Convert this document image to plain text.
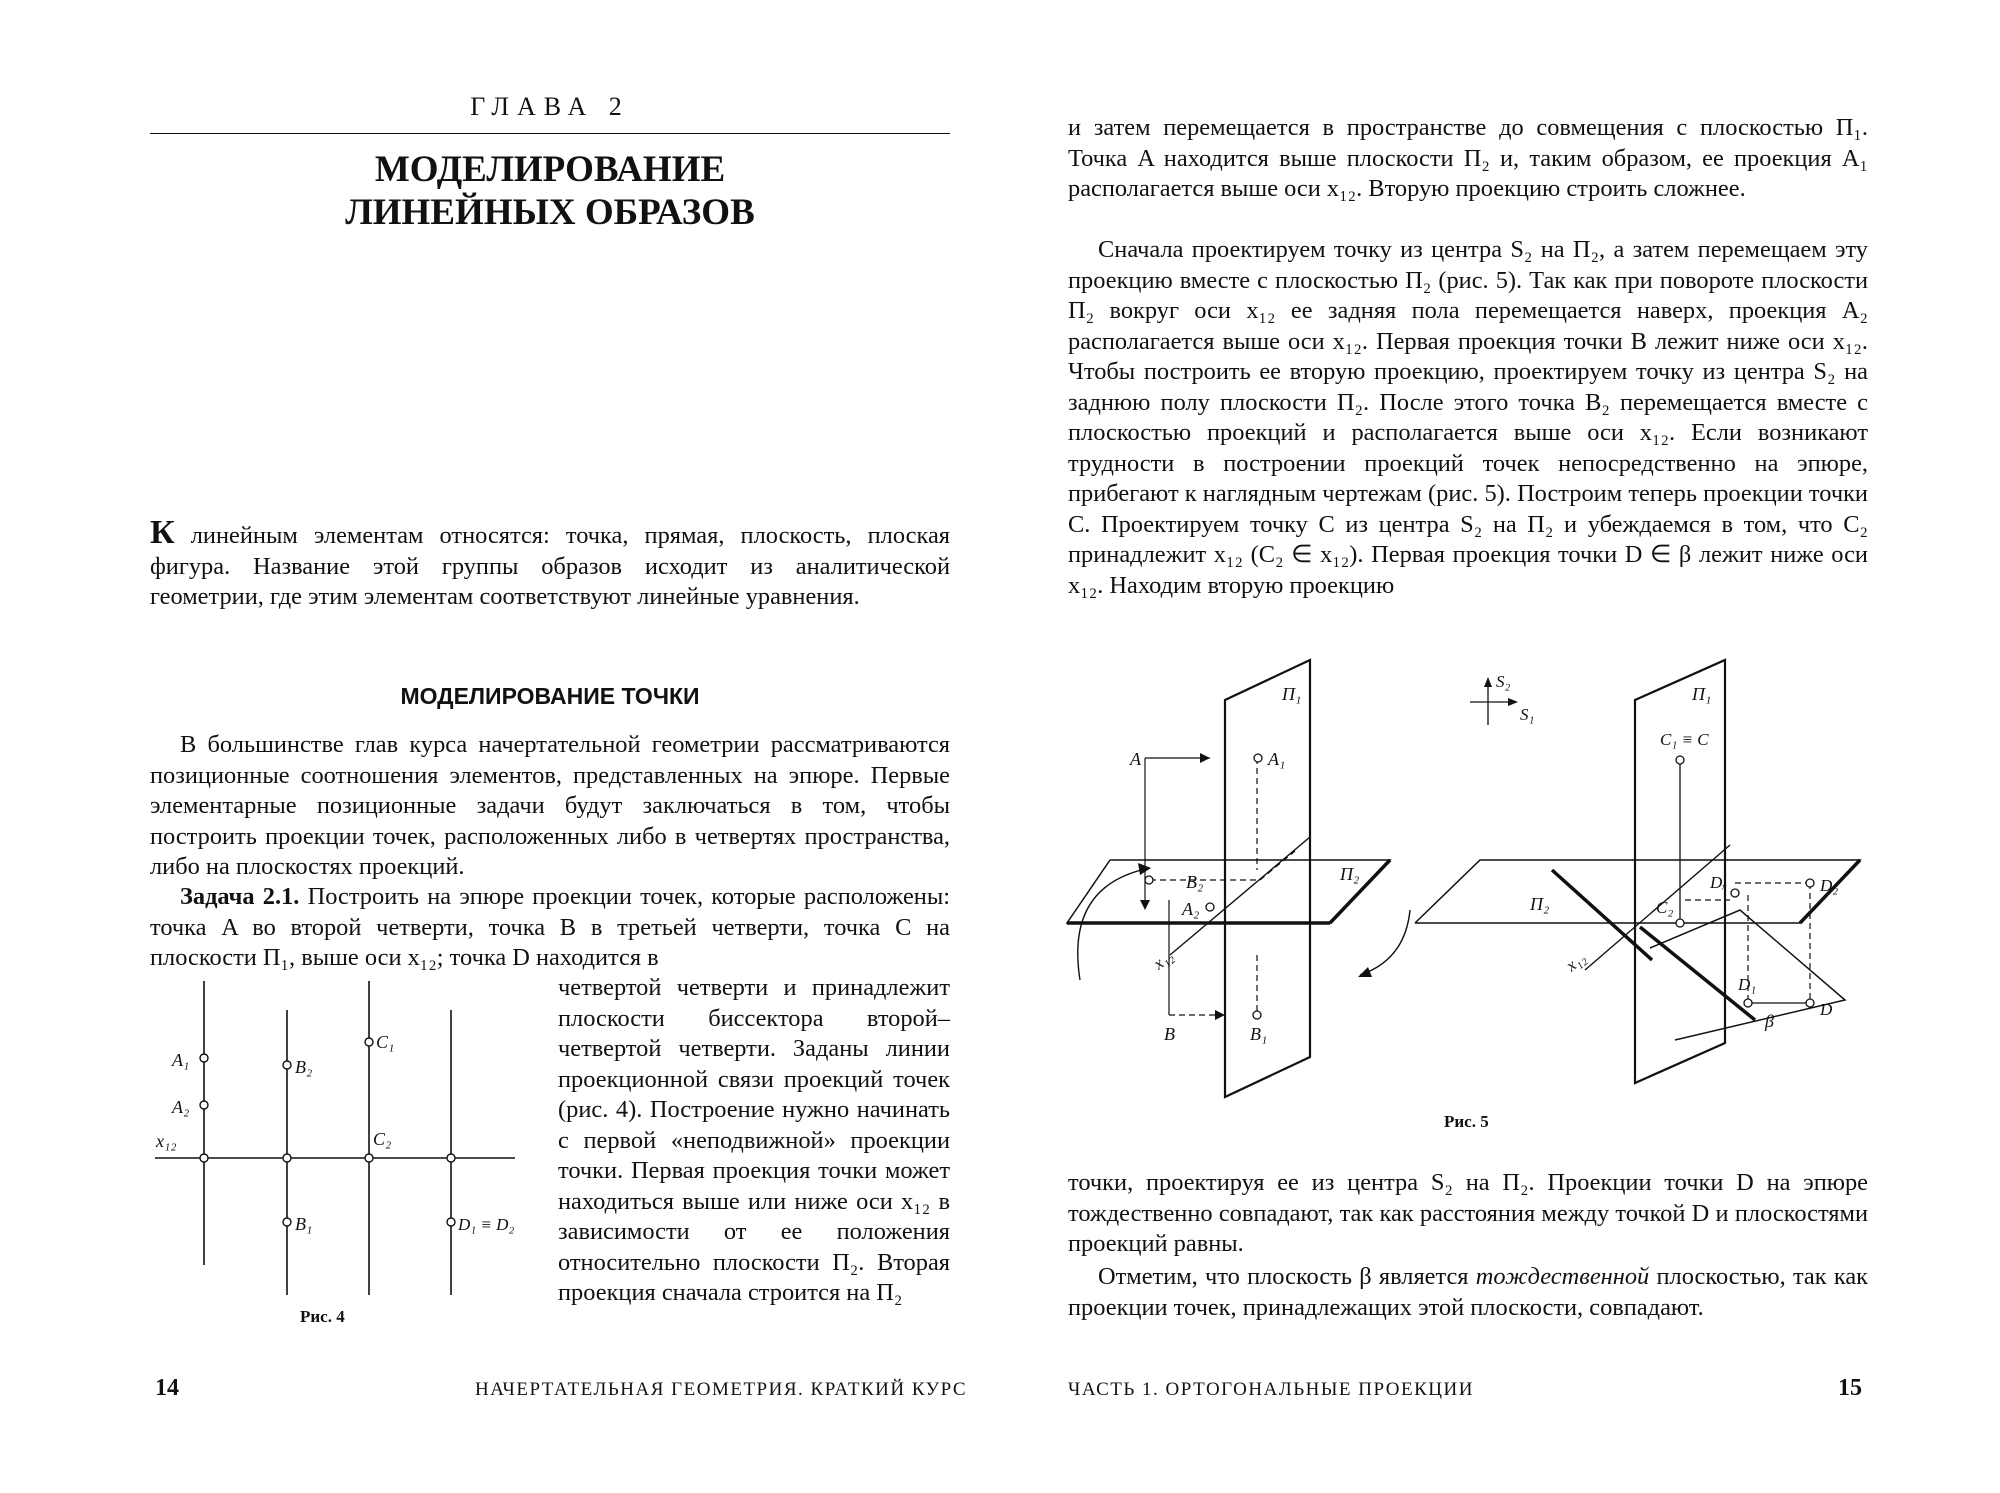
ГЛАВА 2
МОДЕЛИРОВАНИЕ
ЛИНЕЙНЫХ ОБРАЗОВ

К линейным элементам относятся: точка, прямая, плоскость, плоская фигура. Название этой группы образов исходит из аналитической геометрии, где этим элементам соответствуют линейные уравнения.

МОДЕЛИРОВАНИЕ ТОЧКИ

В большинстве глав курса начертательной геометрии рассматриваются позиционные соотношения элементов, представленных на эпюре. Первые элементарные позиционные задачи будут заключаться в том, чтобы построить проекции точек, расположенных либо в четвертях пространства, либо на плоскостях проекций.

Задача 2.1. Построить на эпюре проекции точек, которые расположены: точка A во второй четверти, точка B в третьей четверти, точка C на плоскости П₁, выше оси x₁₂; точка D находится в

четвертой четверти и принадлежит плоскости биссектора второй–четвертой четверти. Заданы линии проекционной связи проекций точек (рис. 4). Построение нужно начинать с первой «неподвижной» проекции точки. Первая проекция точки может находиться выше или ниже оси x₁₂ в зависимости от ее положения относительно плоскости П₂. Вторая проекция сначала строится на П₂

A₁
A₂
B₂
B₁
C₁
C₂
x₁₂
D₁ ≡ D₂
Рис. 4
14	НАЧЕРТАТЕЛЬНАЯ ГЕОМЕТРИЯ. КРАТКИЙ КУРС

и затем перемещается в пространстве до совмещения с плоскостью П₁. Точка A находится выше плоскости П₂ и, таким образом, ее проекция A₁ располагается выше оси x₁₂. Вторую проекцию строить сложнее.

Сначала проектируем точку из центра S₂ на П₂, а затем перемещаем эту проекцию вместе с плоскостью П₂ (рис. 5). Так как при повороте плоскости П₂ вокруг оси x₁₂ ее задняя пола перемещается наверх, проекция A₂ располагается выше оси x₁₂. Первая проекция точки B лежит ниже оси x₁₂. Чтобы построить ее вторую проекцию, проектируем точку из центра S₂ на заднюю полу плоскости П₂. После этого точка B₂ перемещается вместе с плоскостью проекций и располагается выше оси x₁₂. Если возникают трудности в построении проекций точек непосредственно на эпюре, прибегают к наглядным чертежам (рис. 5). Построим теперь проекции точки C. Проектируем точку C из центра S₂ на П₂ и убеждаемся в том, что C₂ принадлежит x₁₂ (C₂ ∈ x₁₂). Первая проекция точки D ∈ β лежит ниже оси x₁₂. Находим вторую проекцию

П₁
П₂
A	A₁
A₂
B	B₁
B₂
x₁₂
S₂
S₁
П₁
C₁ ≡ C
C₂
Dₓ	D₂
D₁
D
П₂
x₁₂
β
Рис. 5

точки, проектируя ее из центра S₂ на П₂. Проекции точки D на эпюре тождественно совпадают, так как расстояния между точкой D и плоскостями проекций равны.

Отметим, что плоскость β является тождественной плоскостью, так как проекции точек, принадлежащих этой плоскости, совпадают.

ЧАСТЬ 1. ОРТОГОНАЛЬНЫЕ ПРОЕКЦИИ	15
